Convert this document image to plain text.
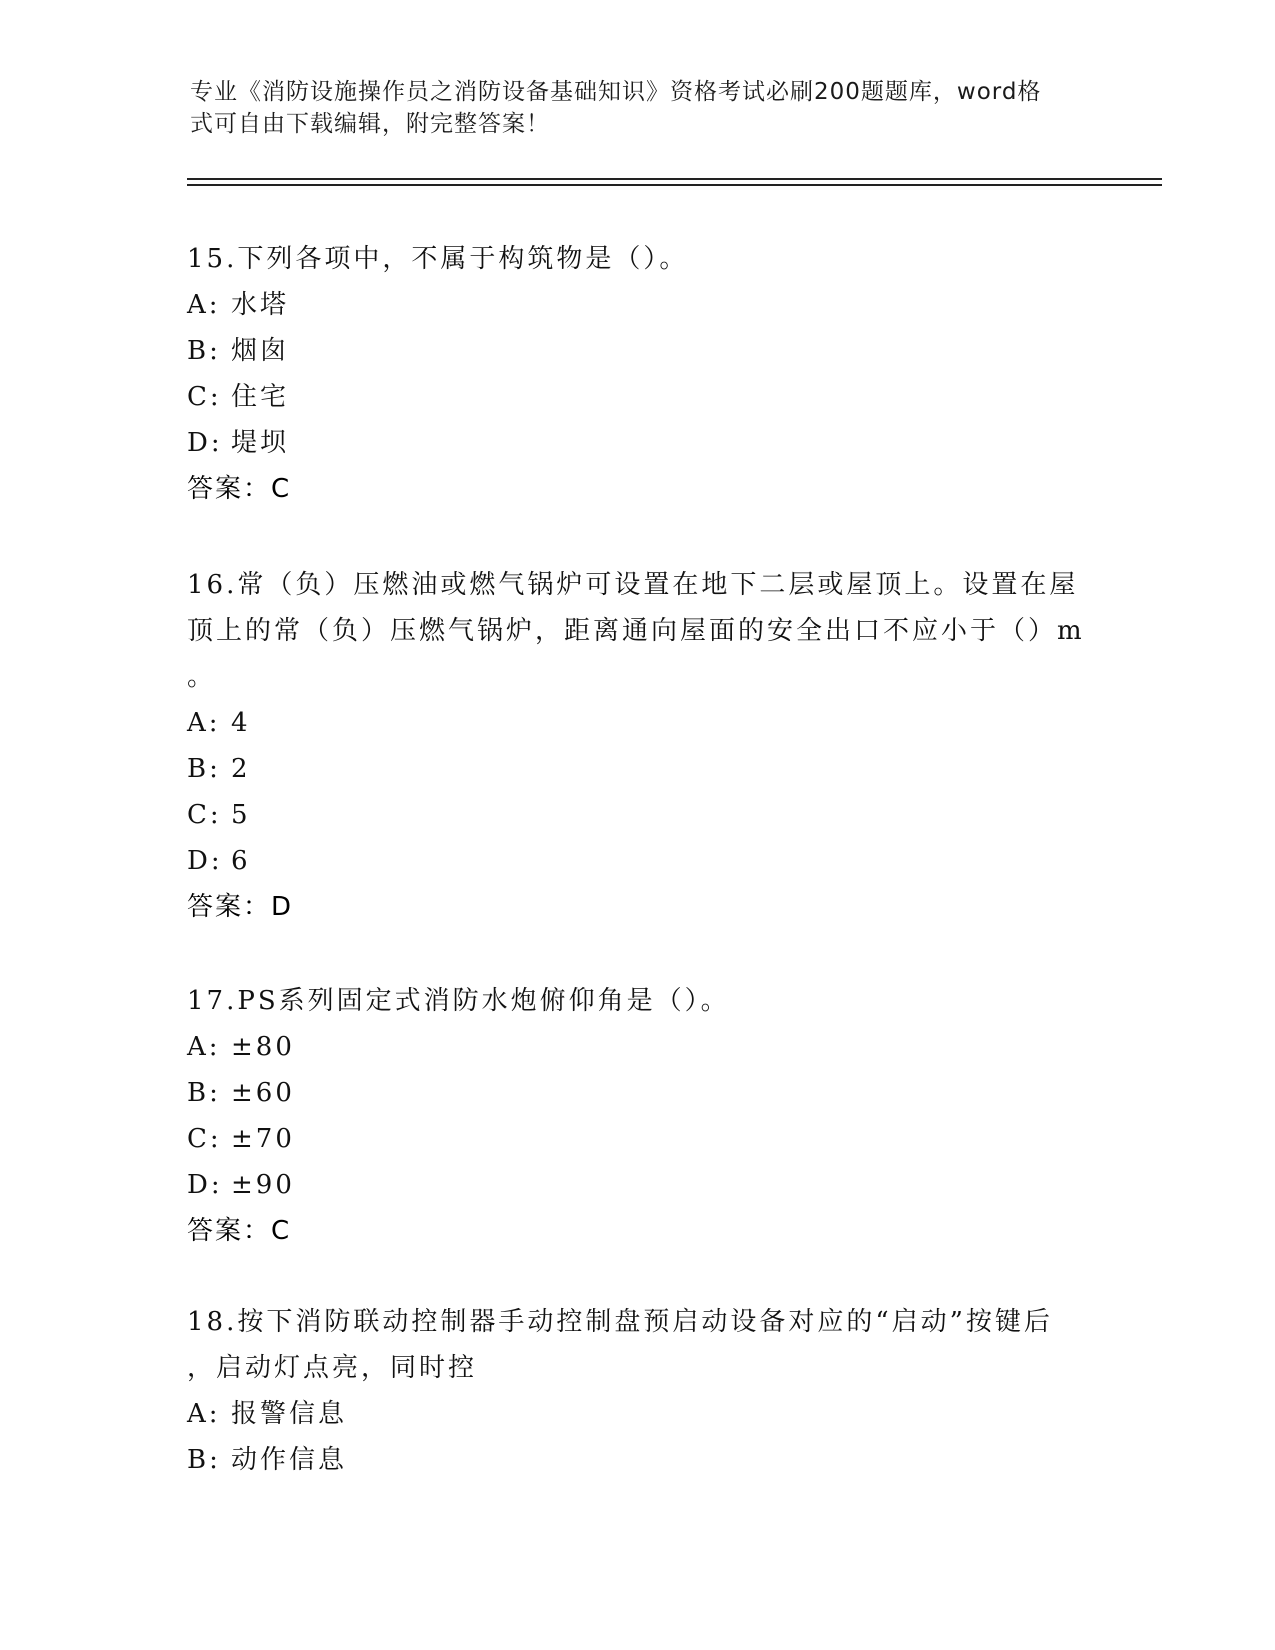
专业《消防设施操作员之消防设备基础知识》资格考试必刷200题题库，word格
式可自由下载编辑，附完整答案！

15.下列各项中，不属于构筑物是（）。

A: 水塔

B: 烟囱

C: 住宅

D: 堤坝

答案：C

16.常（负）压燃油或燃气锅炉可设置在地下二层或屋顶上。设置在屋

顶上的常（负）压燃气锅炉，距离通向屋面的安全出口不应小于（）m

。

A: 4

B: 2

C: 5

D: 6

答案：D

17.PS系列固定式消防水炮俯仰角是（）。

A: ±80

B: ±60

C: ±70

D: ±90

答案：C

18.按下消防联动控制器手动控制盘预启动设备对应的“启动”按键后

，启动灯点亮，同时控

A: 报警信息

B: 动作信息
